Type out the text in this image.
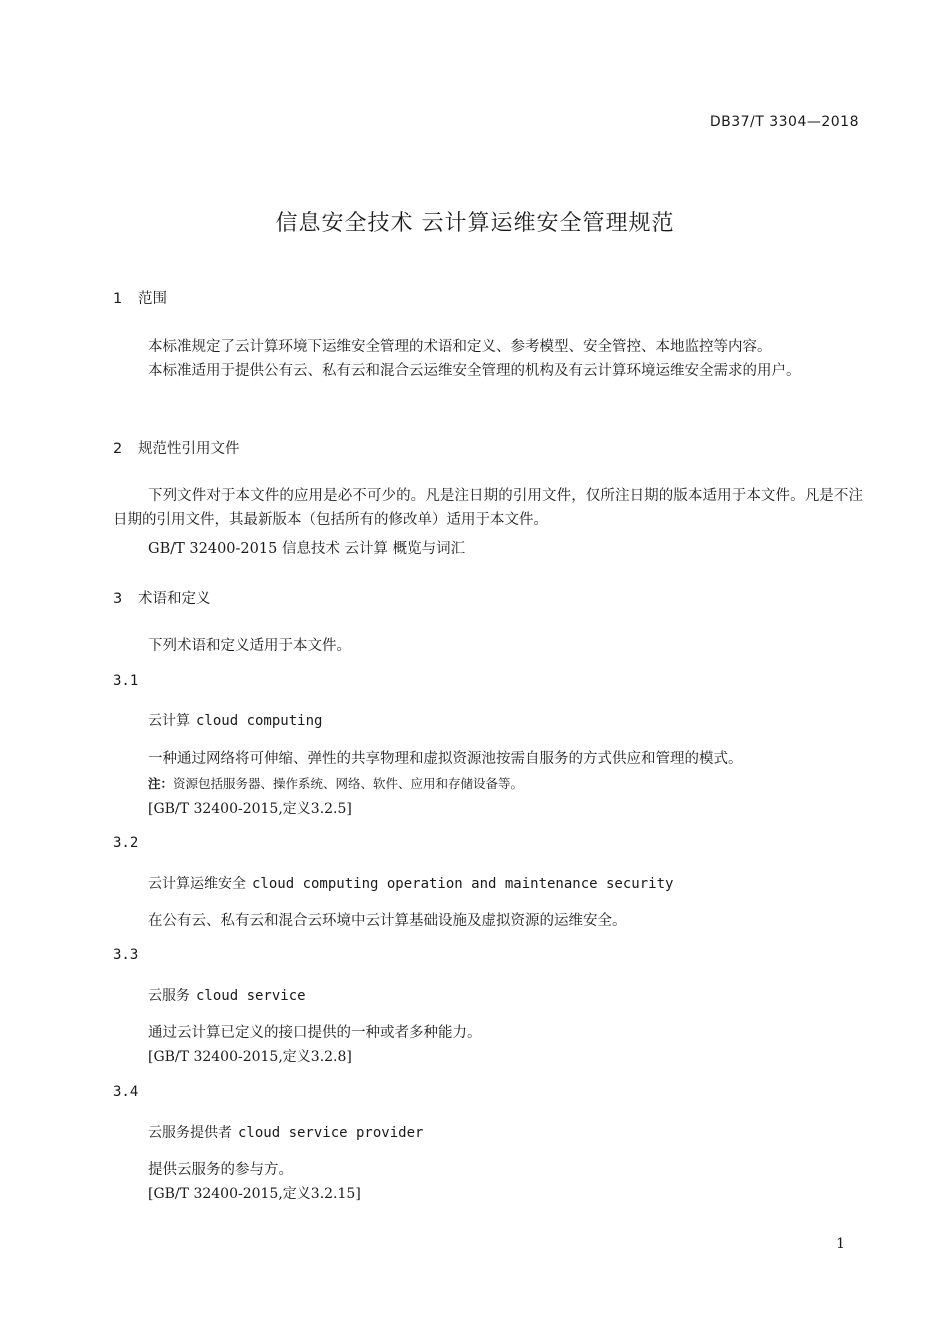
DB37/T 3304—2018
信息安全技术 云计算运维安全管理规范
1 范围
本标准规定了云计算环境下运维安全管理的术语和定义、参考模型、安全管控、本地监控等内容。
本标准适用于提供公有云、私有云和混合云运维安全管理的机构及有云计算环境运维安全需求的用户。
2 规范性引用文件
下列文件对于本文件的应用是必不可少的。凡是注日期的引用文件，仅所注日期的版本适用于本文件。凡是不注日期的引用文件，其最新版本（包括所有的修改单）适用于本文件。
GB/T 32400-2015 信息技术 云计算 概览与词汇
3 术语和定义
下列术语和定义适用于本文件。
3.1
云计算 cloud computing
一种通过网络将可伸缩、弹性的共享物理和虚拟资源池按需自服务的方式供应和管理的模式。
注：资源包括服务器、操作系统、网络、软件、应用和存储设备等。
[GB/T 32400-2015,定义3.2.5]
3.2
云计算运维安全 cloud computing operation and maintenance security
在公有云、私有云和混合云环境中云计算基础设施及虚拟资源的运维安全。
3.3
云服务 cloud service
通过云计算已定义的接口提供的一种或者多种能力。
[GB/T 32400-2015,定义3.2.8]
3.4
云服务提供者 cloud service provider
提供云服务的参与方。
[GB/T 32400-2015,定义3.2.15]
1
